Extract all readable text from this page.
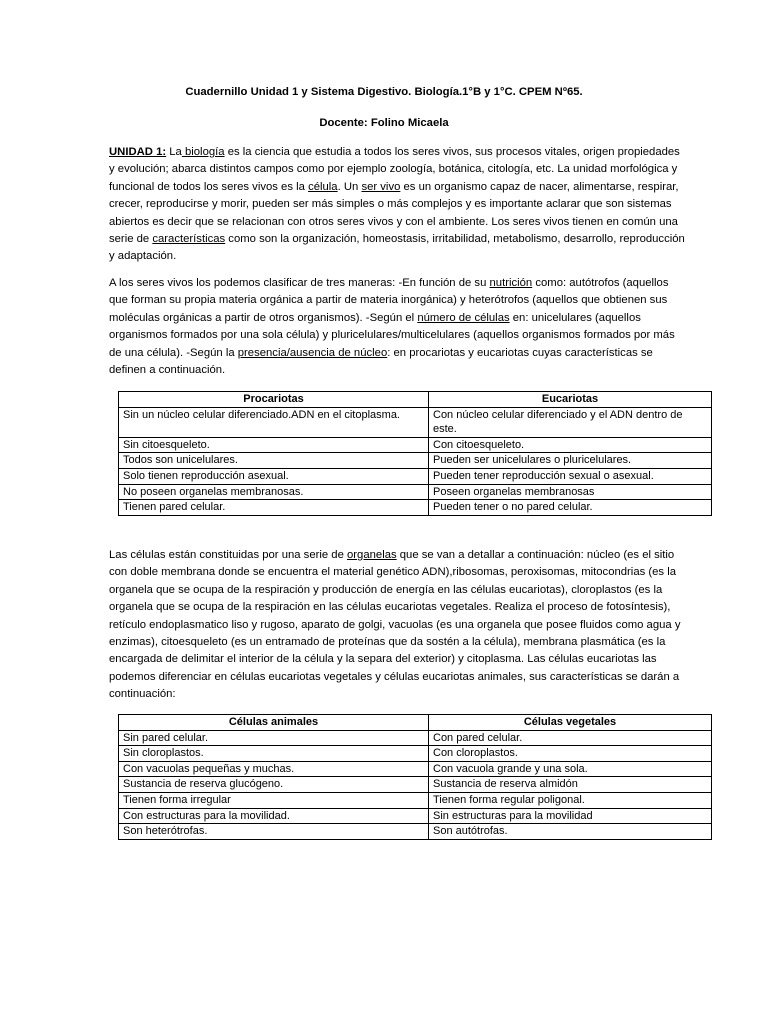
Cuadernillo Unidad 1 y Sistema Digestivo. Biología.1°B y 1°C. CPEM Nº65.
Docente: Folino Micaela

UNIDAD 1: La biología es la ciencia que estudia a todos los seres vivos, sus procesos vitales, origen propiedades y evolución; abarca distintos campos como por ejemplo zoología, botánica, citología, etc. La unidad morfológica y funcional de todos los seres vivos es la célula. Un ser vivo es un organismo capaz de nacer, alimentarse, respirar, crecer, reproducirse y morir, pueden ser más simples o más complejos y es importante aclarar que son sistemas abiertos es decir que se relacionan con otros seres vivos y con el ambiente. Los seres vivos tienen en común una serie de características como son la organización, homeostasis, irritabilidad, metabolismo, desarrollo, reproducción y adaptación.

A los seres vivos los podemos clasificar de tres maneras: -En función de su nutrición como: autótrofos (aquellos que forman su propia materia orgánica a partir de materia inorgánica) y heterótrofos (aquellos que obtienen sus moléculas orgánicas a partir de otros organismos). -Según el número de células en: unicelulares (aquellos organismos formados por una sola célula) y pluricelulares/multicelulares (aquellos organismos formados por más de una célula). -Según la presencia/ausencia de núcleo: en procariotas y eucariotas cuyas características se definen a continuación.

Procariotas	Eucariotas
Sin un núcleo celular diferenciado.ADN en el citoplasma.	Con núcleo celular diferenciado y el ADN dentro de este.
Sin citoesqueleto.	Con citoesqueleto.
Todos son unicelulares.	Pueden ser unicelulares o pluricelulares.
Solo tienen reproducción asexual.	Pueden tener reproducción sexual o asexual.
No poseen organelas membranosas.	Poseen organelas membranosas
Tienen pared celular.	Pueden tener o no pared celular.

Las células están constituidas por una serie de organelas que se van a detallar a continuación: núcleo (es el sitio con doble membrana donde se encuentra el material genético ADN),ribosomas, peroxisomas, mitocondrias (es la organela que se ocupa de la respiración y producción de energía en las células eucariotas), cloroplastos (es la organela que se ocupa de la respiración en las células eucariotas vegetales. Realiza el proceso de fotosíntesis), retículo endoplasmatico liso y rugoso, aparato de golgi, vacuolas (es una organela que posee fluidos como agua y enzimas), citoesqueleto (es un entramado de proteínas que da sostén a la célula), membrana plasmática (es la encargada de delimitar el interior de la célula y la separa del exterior) y citoplasma. Las células eucariotas las podemos diferenciar en células eucariotas vegetales y células eucariotas animales, sus características se darán a continuación:

Células animales	Células vegetales
Sin pared celular.	Con pared celular.
Sin cloroplastos.	Con cloroplastos.
Con vacuolas pequeñas y muchas.	Con vacuola grande y una sola.
Sustancia de reserva glucógeno.	Sustancia de reserva almidón
Tienen forma irregular	Tienen forma regular poligonal.
Con estructuras para la movilidad.	Sin estructuras para la movilidad
Son heterótrofas.	Son autótrofas.
